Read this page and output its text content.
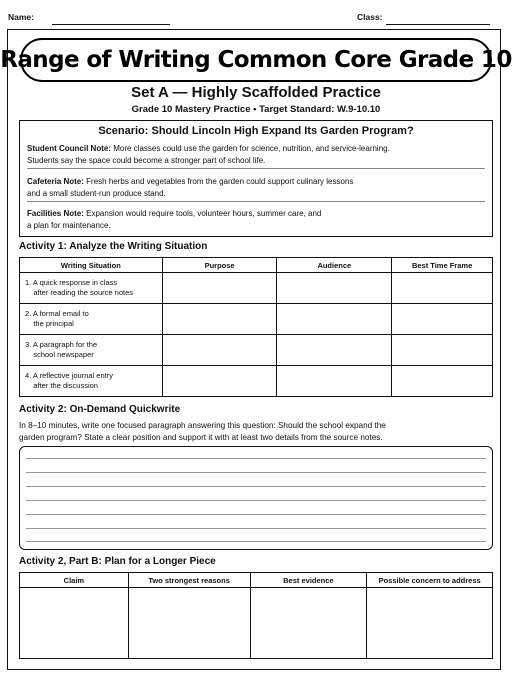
Name:	Class:
Range of Writing Common Core Grade 10
Set A — Highly Scaffolded Practice
Grade 10 Mastery Practice • Target Standard: W.9-10.10
Scenario: Should Lincoln High Expand Its Garden Program?
Student Council Note: More classes could use the garden for science, nutrition, and service-learning.
Students say the space could become a stronger part of school life.
Cafeteria Note: Fresh herbs and vegetables from the garden could support culinary lessons
and a small student-run produce stand.
Facilities Note: Expansion would require tools, volunteer hours, summer care, and
a plan for maintenance.
Activity 1: Analyze the Writing Situation
Writing Situation	Purpose	Audience	Best Time Frame
1. A quick response in class
after reading the source notes			
2. A formal email to
the principal			
3. A paragraph for the
school newspaper			
4. A reflective journal entry
after the discussion			
Activity 2: On-Demand Quickwrite
In 8–10 minutes, write one focused paragraph answering this question: Should the school expand the
garden program? State a clear position and support it with at least two details from the source notes.
Activity 2, Part B: Plan for a Longer Piece
Claim	Two strongest reasons	Best evidence	Possible concern to address
